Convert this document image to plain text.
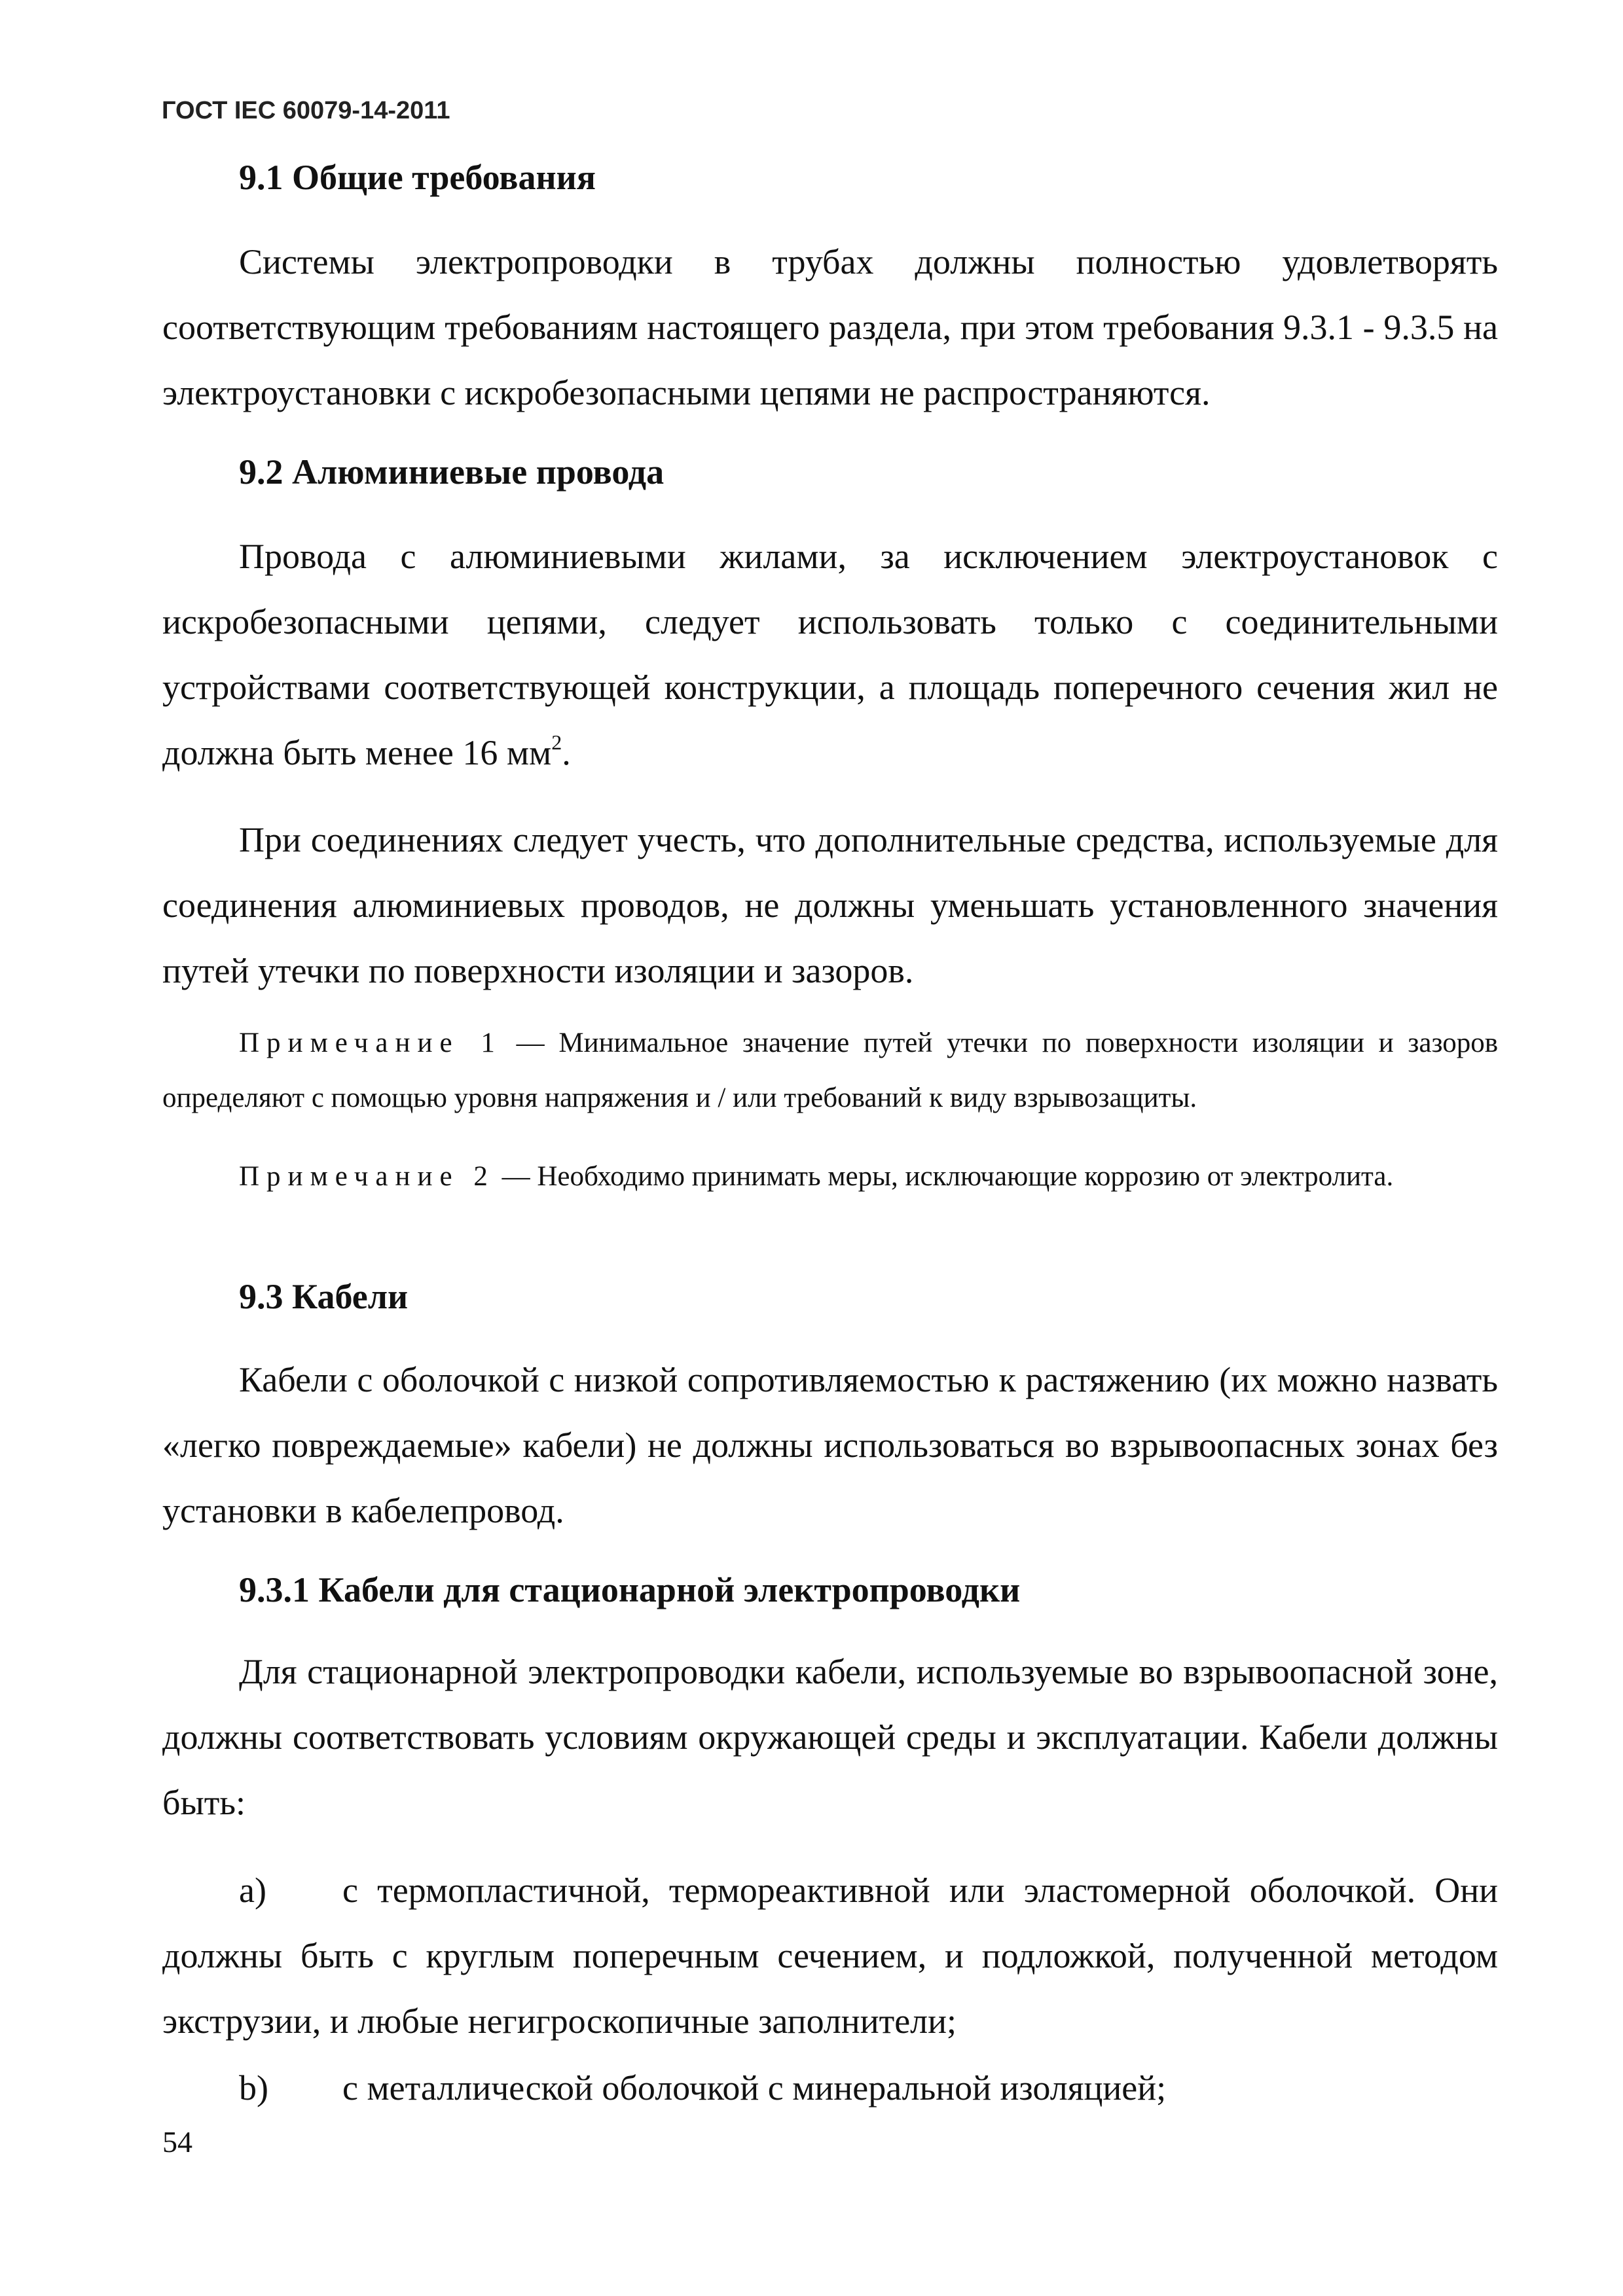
ГОСТ IEC 60079-14-2011
9.1 Общие требования
Системы электропроводки в трубах должны полностью удовлетворять соответствующим требованиям настоящего раздела, при этом требования 9.3.1 - 9.3.5 на электроустановки с искробезопасными цепями не распространяются.
9.2 Алюминиевые провода
Провода с алюминиевыми жилами, за исключением электроустановок с искробезопасными цепями, следует использовать только с соединительными устройствами соответствующей конструкции, а площадь поперечного сечения жил не должна быть менее 16 $мм^2$.
При соединениях следует учесть, что дополнительные средства, используемые для соединения алюминиевых проводов, не должны уменьшать установленного значения путей утечки по поверхности изоляции и зазоров.
Примечание 1 — Минимальное значение путей утечки по поверхности изоляции и зазоров определяют с помощью уровня напряжения и / или требований к виду взрывозащиты.
Примечание 2 — Необходимо принимать меры, исключающие коррозию от электролита.
9.3 Кабели
Кабели с оболочкой с низкой сопротивляемостью к растяжению (их можно назвать «легко повреждаемые» кабели) не должны использоваться во взрывоопасных зонах без установки в кабелепровод.
9.3.1 Кабели для стационарной электропроводки
Для стационарной электропроводки кабели, используемые во взрывоопасной зоне, должны соответствовать условиям окружающей среды и эксплуатации. Кабели должны быть:
a) с термопластичной, термореактивной или эластомерной оболочкой. Они должны быть с круглым поперечным сечением, и подложкой, полученной методом экструзии, и любые негигроскопичные заполнители;
b) с металлической оболочкой с минеральной изоляцией;
54
